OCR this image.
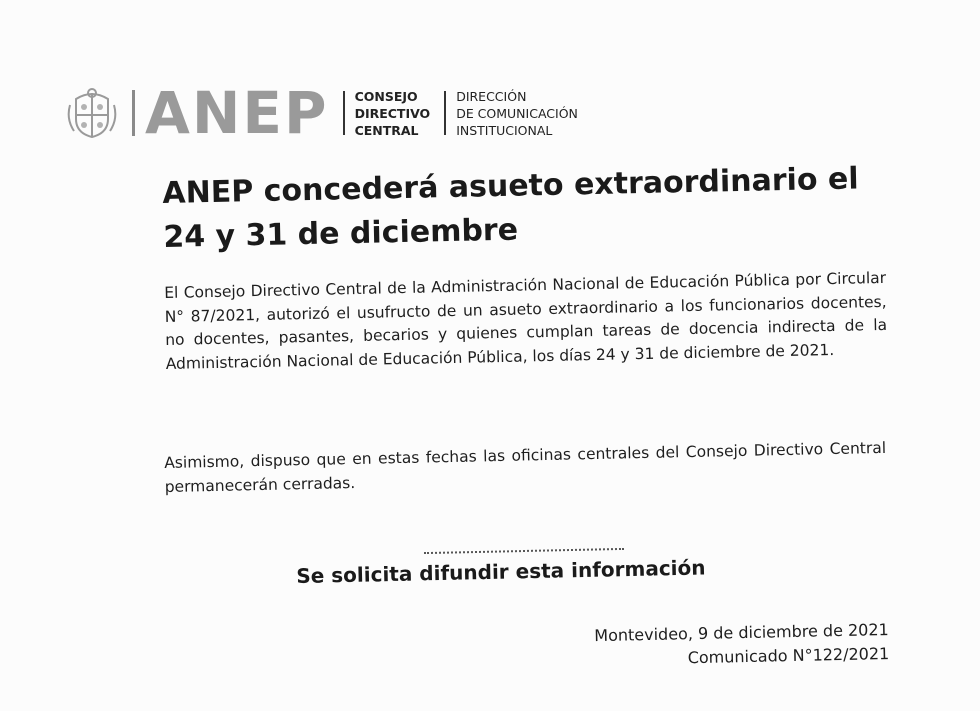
ANEP CONSEJO
DIRECTIVO
CENTRAL
DIRECCIÓN
DE COMUNICACIÓN
INSTITUCIONAL
ANEP concederá asueto extraordinario el 24 y 31 de diciembre

El Consejo Directivo Central de la Administración Nacional de Educación Pública por Circular N° 87/2021, autorizó el usufructo de un asueto extraordinario a los funcionarios docentes, no docentes, pasantes, becarios y quienes cumplan tareas de docencia indirecta de la Administración Nacional de Educación Pública, los días 24 y 31 de diciembre de 2021.

Asimismo, dispuso que en estas fechas las oficinas centrales del Consejo Directivo Central permanecerán cerradas.

Se solicita difundir esta información

Montevideo, 9 de diciembre de 2021
Comunicado N°122/2021
